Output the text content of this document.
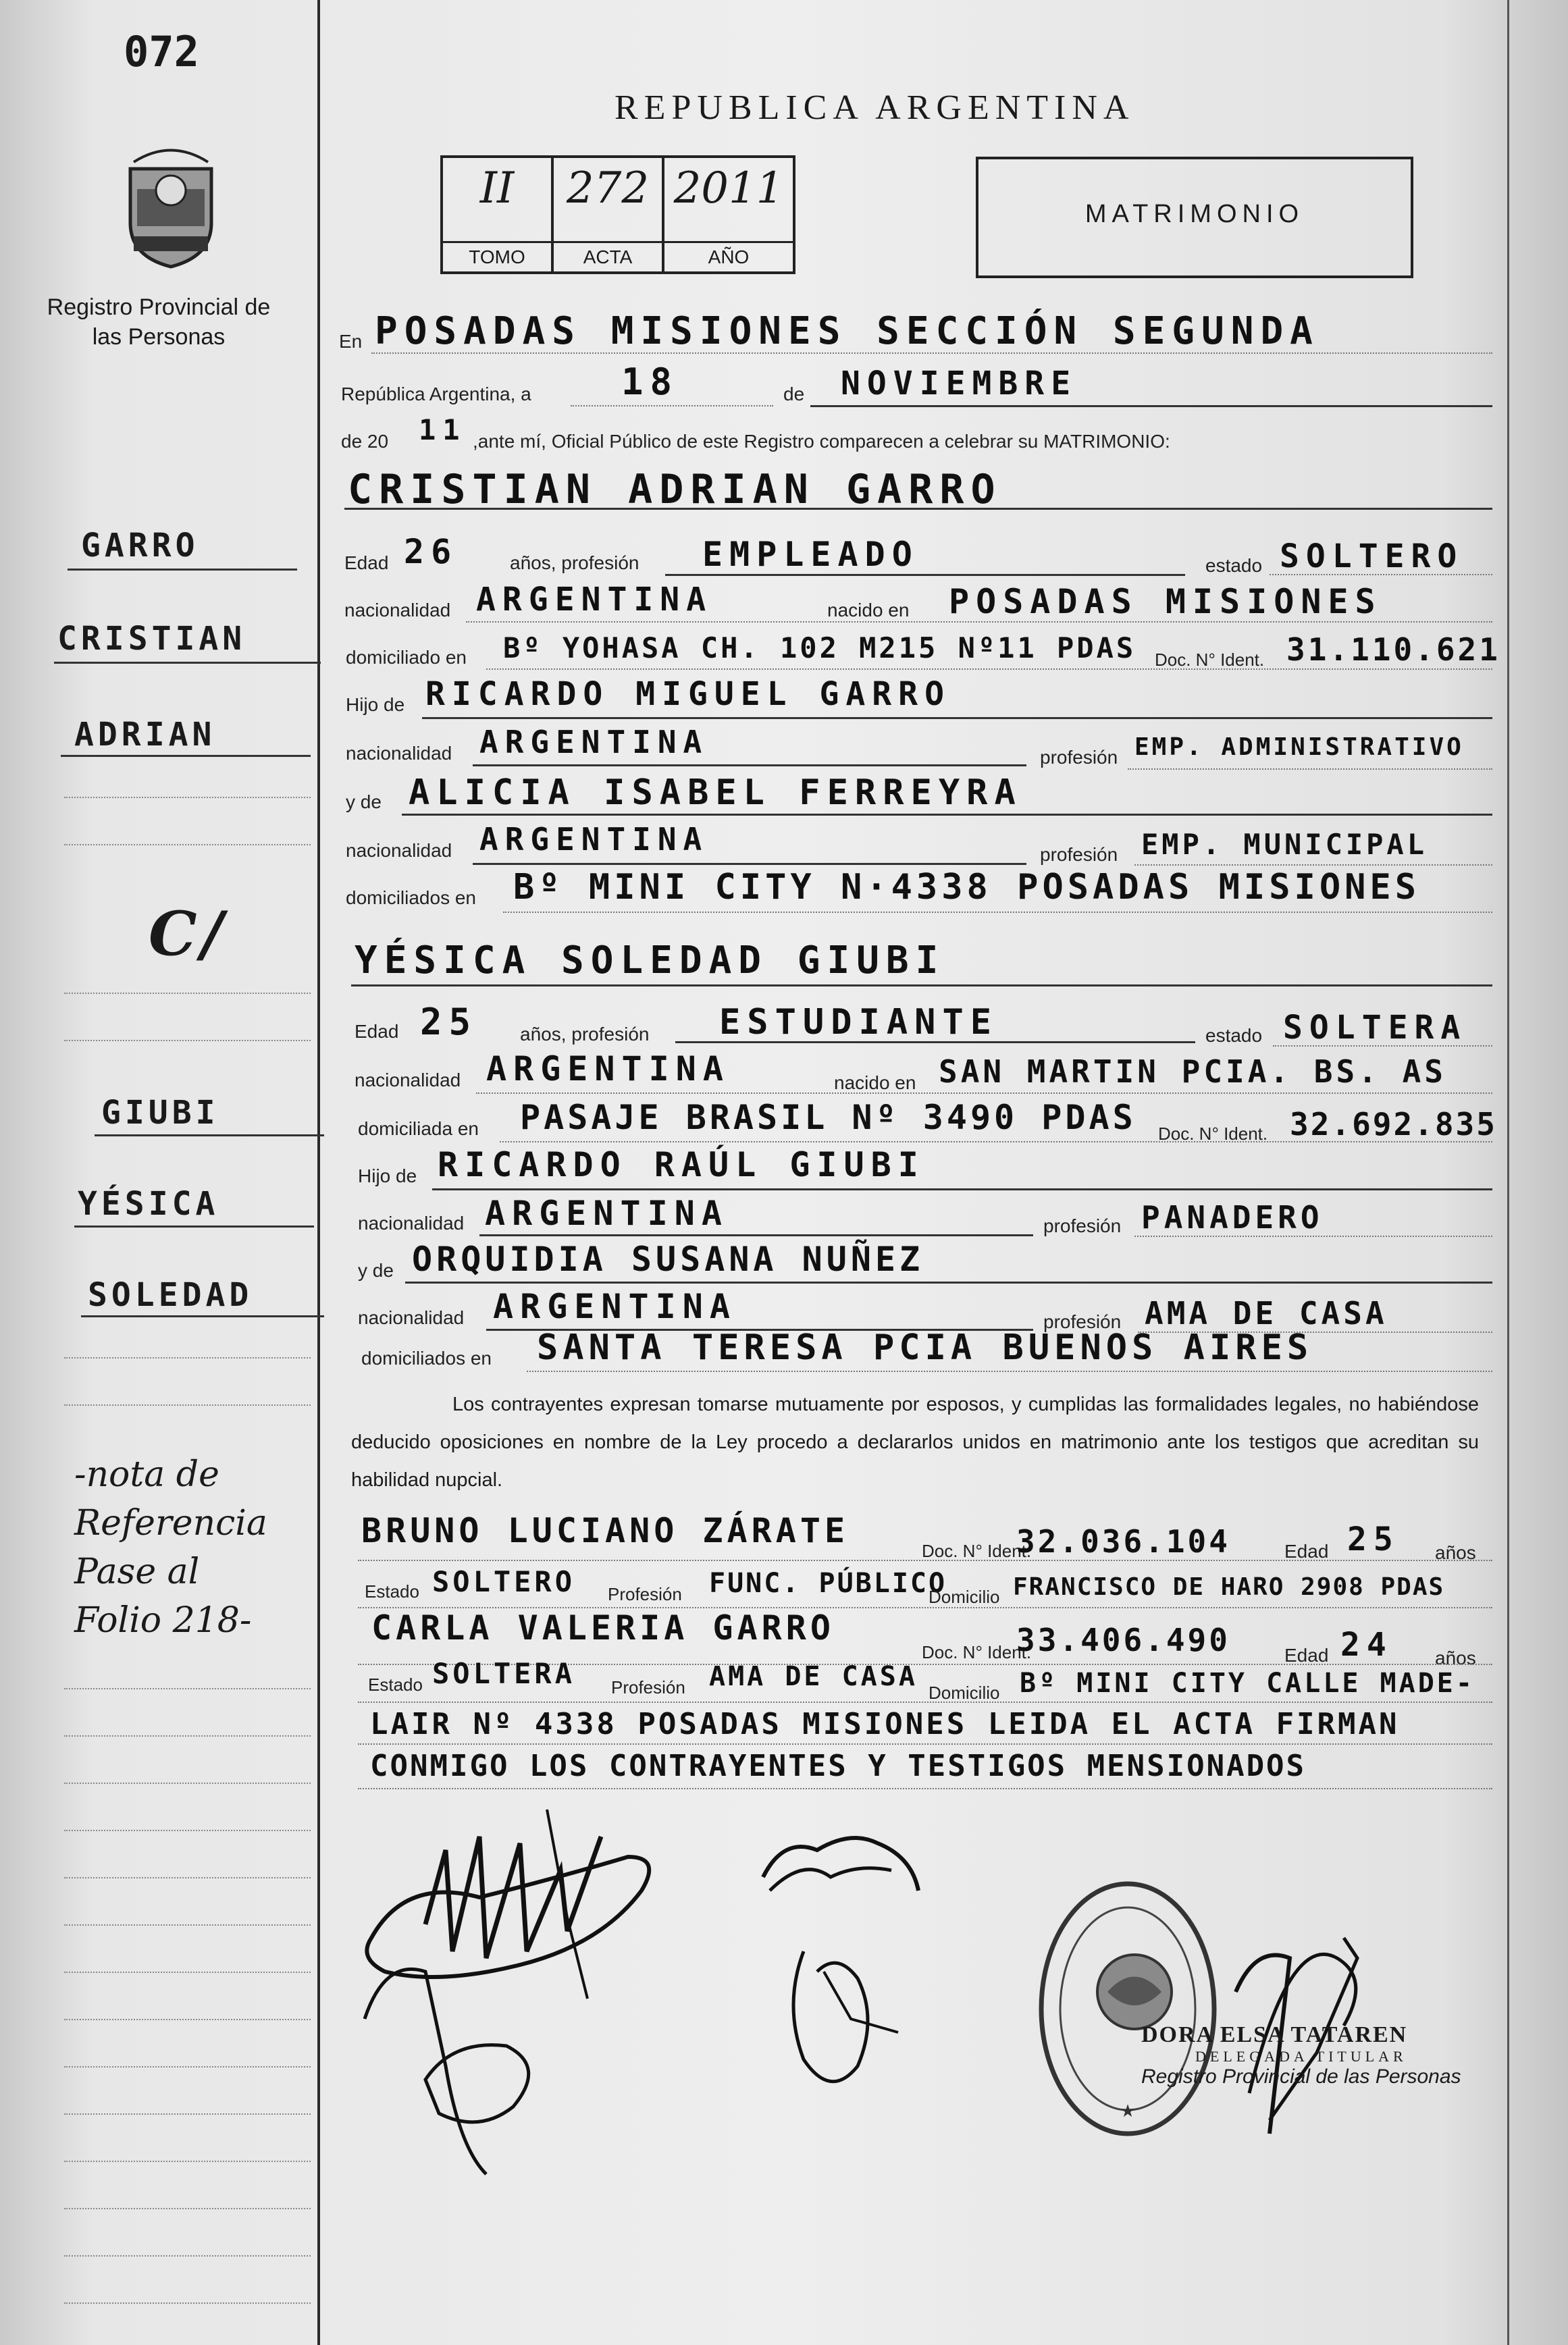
072
Registro Provincial de las Personas
REPUBLICA ARGENTINA
II
TOMO
272
ACTA
2011
AÑO
MATRIMONIO
GARRO
CRISTIAN
ADRIAN
C/
GIUBI
YÉSICA
SOLEDAD
-nota de
Referencia
Pase al
Folio 218-
En POSADAS MISIONES SECCIÓN SEGUNDA
República Argentina, a 18	de NOVIEMBRE
de 20 11 ,ante mí, Oficial Público de este Registro comparecen a celebrar su MATRIMONIO:
CRISTIAN ADRIAN GARRO
Edad 26	años, profesión EMPLEADO	estado SOLTERO
nacionalidad ARGENTINA	nacido en POSADAS MISIONES
domiciliado en Bº YOHASA CH. 102 M215 Nº11 PDAS Doc. N° Ident. 31.110.621
Hijo de RICARDO MIGUEL GARRO
nacionalidad ARGENTINA	profesión EMP. ADMINISTRATIVO
y de ALICIA ISABEL FERREYRA
nacionalidad ARGENTINA	profesión EMP. MUNICIPAL
domiciliados en Bº MINI CITY N·4338 POSADAS MISIONES
YÉSICA SOLEDAD GIUBI
Edad 25 años, profesión ESTUDIANTE	estado SOLTERA
nacionalidad ARGENTINA	nacido en SAN MARTIN PCIA. BS. AS
domiciliada en PASAJE BRASIL Nº 3490 PDAS Doc. N° Ident. 32.692.835
Hijo de RICARDO RAÚL GIUBI
nacionalidad ARGENTINA	profesión PANADERO
y de ORQUIDIA SUSANA NUÑEZ
nacionalidad ARGENTINA	profesión AMA DE CASA
domiciliados en SANTA TERESA PCIA BUENOS AIRES
Los contrayentes expresan tomarse mutuamente por esposos, y cumplidas las formalidades legales, no habiéndose deducido oposiciones en nombre de la Ley procedo a declararlos unidos en matrimonio ante los testigos que acreditan su habilidad nupcial.
BRUNO LUCIANO ZÁRATE
Doc. N° Ident.
32.036.104	Edad 25 años
Estado SOLTERO Profesión FUNC. PÚBLICO
Domicilio FRANCISCO DE HARO 2908 PDAS
CARLA VALERIA GARRO
Doc. N° Ident.
33.406.490	Edad 24 años
Estado SOLTERA Profesión AMA DE CASA
Domicilio Bº MINI CITY CALLE MADE-
LAIR Nº 4338 POSADAS MISIONES LEIDA EL ACTA FIRMAN
CONMIGO LOS CONTRAYENTES Y TESTIGOS MENSIONADOS
★
DORA ELSA TATAREN
DELEGADA TITULAR
Registro Provincial de las Personas
